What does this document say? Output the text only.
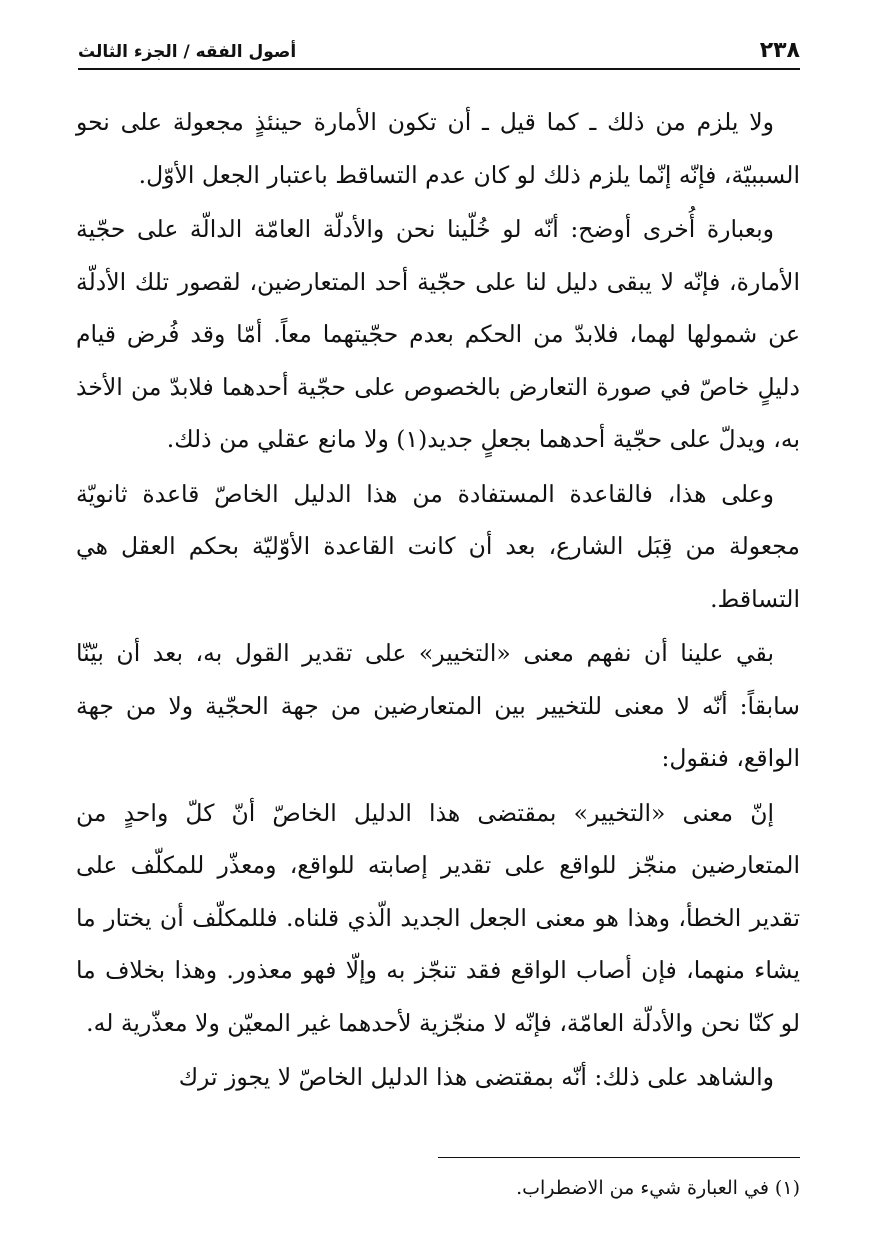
٢٣٨
أصول الفقه / الجزء الثالث

ولا يلزم من ذلك ـ كما قيل ـ أن تكون الأمارة حينئذٍ مجعولة على نحو السببيّة، فإنّه إنّما يلزم ذلك لو كان عدم التساقط باعتبار الجعل الأوّل.

وبعبارة أُخرى أوضح: أنّه لو خُلّينا نحن والأدلّة العامّة الدالّة على حجّية الأمارة، فإنّه لا يبقى دليل لنا على حجّية أحد المتعارضين، لقصور تلك الأدلّة عن شمولها لهما، فلابدّ من الحكم بعدم حجّيتهما معاً. أمّا وقد فُرض قيام دليلٍ خاصّ في صورة التعارض بالخصوص على حجّية أحدهما فلابدّ من الأخذ به، ويدلّ على حجّية أحدهما بجعلٍ جديد(١) ولا مانع عقلي من ذلك.

وعلى هذا، فالقاعدة المستفادة من هذا الدليل الخاصّ قاعدة ثانويّة مجعولة من قِبَل الشارع، بعد أن كانت القاعدة الأوّليّة بحكم العقل هي التساقط.

بقي علينا أن نفهم معنى «التخيير» على تقدير القول به، بعد أن بيّنّا سابقاً: أنّه لا معنى للتخيير بين المتعارضين من جهة الحجّية ولا من جهة الواقع، فنقول:

إنّ معنى «التخيير» بمقتضى هذا الدليل الخاصّ أنّ كلّ واحدٍ من المتعارضين منجّز للواقع على تقدير إصابته للواقع، ومعذّر للمكلّف على تقدير الخطأ، وهذا هو معنى الجعل الجديد الّذي قلناه. فللمكلّف أن يختار ما يشاء منهما، فإن أصاب الواقع فقد تنجّز به وإلّا فهو معذور. وهذا بخلاف ما لو كنّا نحن والأدلّة العامّة، فإنّه لا منجّزية لأحدهما غير المعيّن ولا معذّرية له.

والشاهد على ذلك: أنّه بمقتضى هذا الدليل الخاصّ لا يجوز ترك

(١) في العبارة شيء من الاضطراب.
